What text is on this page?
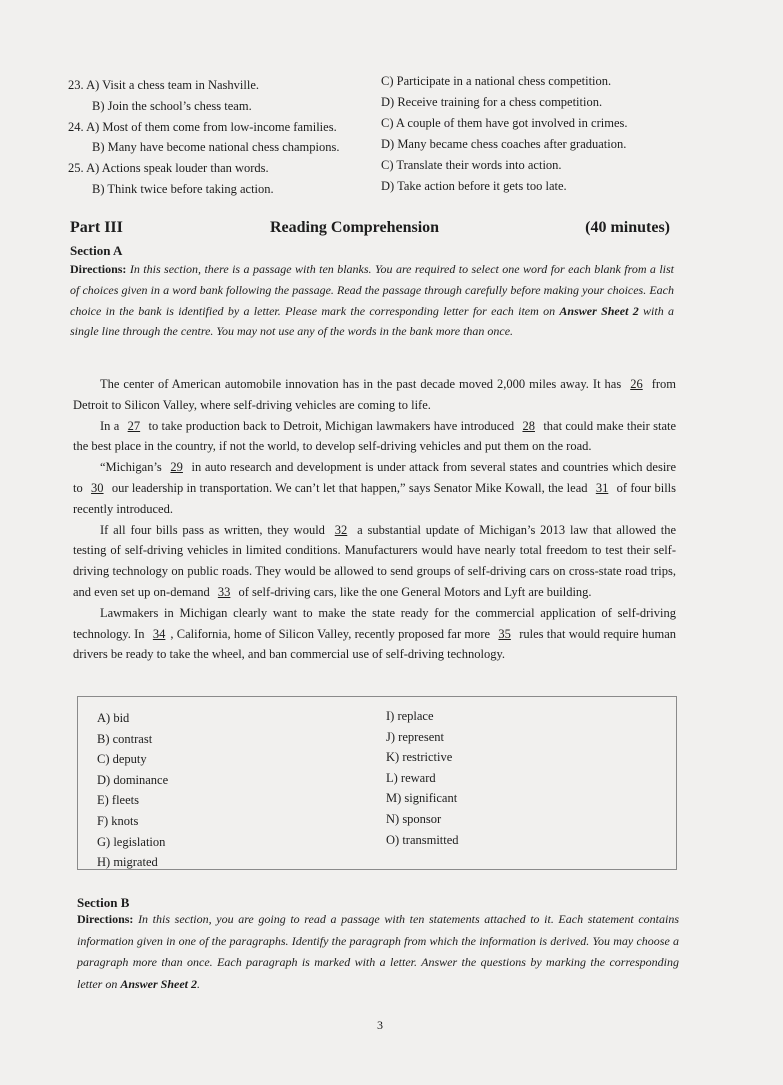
23. A) Visit a chess team in Nashville.	C) Participate in a national chess competition.
B) Join the school’s chess team.	D) Receive training for a chess competition.
24. A) Most of them come from low-income families.	C) A couple of them have got involved in crimes.
B) Many have become national chess champions.	D) Many became chess coaches after graduation.
25. A) Actions speak louder than words.	C) Translate their words into action.
B) Think twice before taking action.	D) Take action before it gets too late.
Part III	Reading Comprehension	(40 minutes)
Section A
Directions: In this section, there is a passage with ten blanks. You are required to select one word for each blank from a list of choices given in a word bank following the passage. Read the passage through carefully before making your choices. Each choice in the bank is identified by a letter. Please mark the corresponding letter for each item on Answer Sheet 2 with a single line through the centre. You may not use any of the words in the bank more than once.

The center of American automobile innovation has in the past decade moved 2,000 miles away. It has 26 from Detroit to Silicon Valley, where self-driving vehicles are coming to life.

In a 27 to take production back to Detroit, Michigan lawmakers have introduced 28 that could make their state the best place in the country, if not the world, to develop self-driving vehicles and put them on the road.

“Michigan’s 29 in auto research and development is under attack from several states and countries which desire to 30 our leadership in transportation. We can’t let that happen,” says Senator Mike Kowall, the lead 31 of four bills recently introduced.

If all four bills pass as written, they would 32 a substantial update of Michigan’s 2013 law that allowed the testing of self-driving vehicles in limited conditions. Manufacturers would have nearly total freedom to test their self-driving technology on public roads. They would be allowed to send groups of self-driving cars on cross-state road trips, and even set up on-demand 33 of self-driving cars, like the one General Motors and Lyft are building.

Lawmakers in Michigan clearly want to make the state ready for the commercial application of self-driving technology. In 34 , California, home of Silicon Valley, recently proposed far more 35 rules that would require human drivers be ready to take the wheel, and ban commercial use of self-driving technology.

A) bid
B) contrast
C) deputy
D) dominance
E) fleets
F) knots
G) legislation
H) migrated
I) replace
J) represent
K) restrictive
L) reward
M) significant
N) sponsor
O) transmitted
Section B
Directions: In this section, you are going to read a passage with ten statements attached to it. Each statement contains information given in one of the paragraphs. Identify the paragraph from which the information is derived. You may choose a paragraph more than once. Each paragraph is marked with a letter. Answer the questions by marking the corresponding letter on Answer Sheet 2.
3
